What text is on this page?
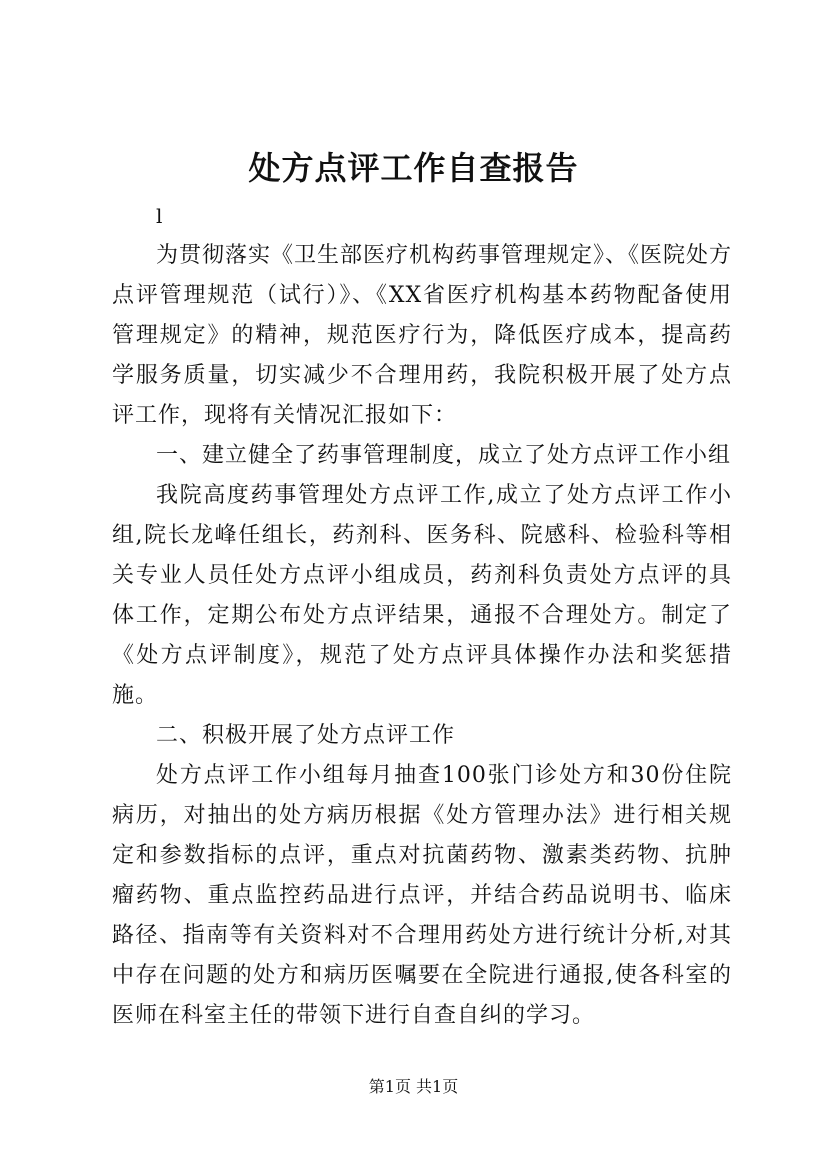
处方点评工作自查报告

l

为贯彻落实《卫生部医疗机构药事管理规定》、《医院处方点评管理规范（试行）》、《XX省医疗机构基本药物配备使用管理规定》的精神，规范医疗行为，降低医疗成本，提高药学服务质量，切实减少不合理用药，我院积极开展了处方点评工作，现将有关情况汇报如下：

一、建立健全了药事管理制度，成立了处方点评工作小组

我院高度药事管理处方点评工作,成立了处方点评工作小组,院长龙峰任组长，药剂科、医务科、院感科、检验科等相关专业人员任处方点评小组成员，药剂科负责处方点评的具体工作，定期公布处方点评结果，通报不合理处方。制定了《处方点评制度》，规范了处方点评具体操作办法和奖惩措施。

二、积极开展了处方点评工作

处方点评工作小组每月抽查100张门诊处方和30份住院病历，对抽出的处方病历根据《处方管理办法》进行相关规定和参数指标的点评，重点对抗菌药物、激素类药物、抗肿瘤药物、重点监控药品进行点评，并结合药品说明书、临床路径、指南等有关资料对不合理用药处方进行统计分析,对其中存在问题的处方和病历医嘱要在全院进行通报,使各科室的医师在科室主任的带领下进行自查自纠的学习。

第1页 共1页
